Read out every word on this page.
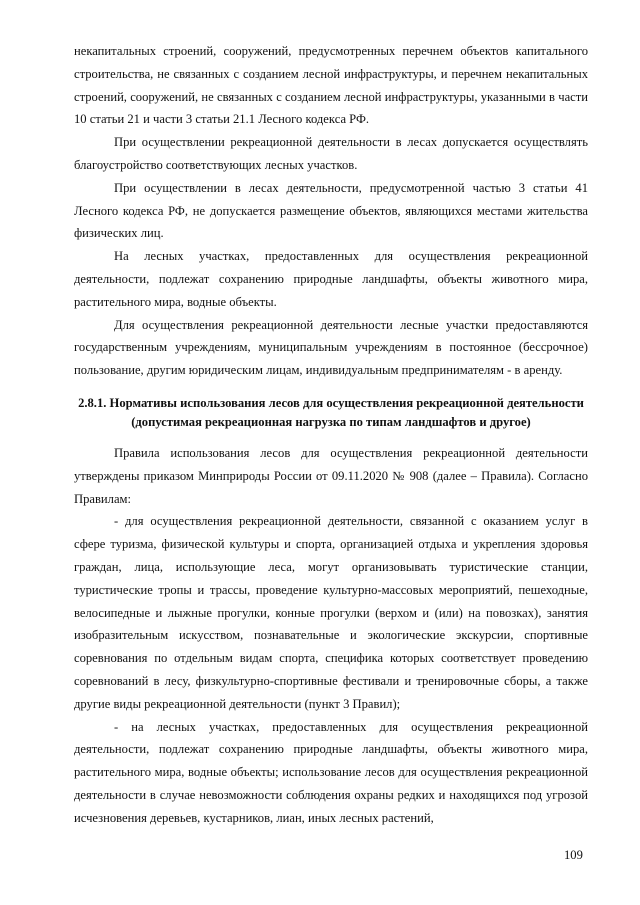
некапитальных строений, сооружений, предусмотренных перечнем объектов капитального строительства, не связанных с созданием лесной инфраструктуры, и перечнем некапитальных строений, сооружений, не связанных с созданием лесной инфраструктуры, указанными в части 10 статьи 21 и части 3 статьи 21.1 Лесного кодекса РФ.

При осуществлении рекреационной деятельности в лесах допускается осуществлять благоустройство соответствующих лесных участков.

При осуществлении в лесах деятельности, предусмотренной частью 3 статьи 41 Лесного кодекса РФ, не допускается размещение объектов, являющихся местами жительства физических лиц.

На лесных участках, предоставленных для осуществления рекреационной деятельности, подлежат сохранению природные ландшафты, объекты животного мира, растительного мира, водные объекты.

Для осуществления рекреационной деятельности лесные участки предоставляются государственным учреждениям, муниципальным учреждениям в постоянное (бессрочное) пользование, другим юридическим лицам, индивидуальным предпринимателям - в аренду.

2.8.1. Нормативы использования лесов для осуществления рекреационной деятельности (допустимая рекреационная нагрузка по типам ландшафтов и другое)

Правила использования лесов для осуществления рекреационной деятельности утверждены приказом Минприроды России от 09.11.2020 № 908 (далее – Правила). Согласно Правилам:

- для осуществления рекреационной деятельности, связанной с оказанием услуг в сфере туризма, физической культуры и спорта, организацией отдыха и укрепления здоровья граждан, лица, использующие леса, могут организовывать туристические станции, туристические тропы и трассы, проведение культурно-массовых мероприятий, пешеходные, велосипедные и лыжные прогулки, конные прогулки (верхом и (или) на повозках), занятия изобразительным искусством, познавательные и экологические экскурсии, спортивные соревнования по отдельным видам спорта, специфика которых соответствует проведению соревнований в лесу, физкультурно-спортивные фестивали и тренировочные сборы, а также другие виды рекреационной деятельности (пункт 3 Правил);

- на лесных участках, предоставленных для осуществления рекреационной деятельности, подлежат сохранению природные ландшафты, объекты животного мира, растительного мира, водные объекты; использование лесов для осуществления рекреационной деятельности в случае невозможности соблюдения охраны редких и находящихся под угрозой исчезновения деревьев, кустарников, лиан, иных лесных растений,

109
